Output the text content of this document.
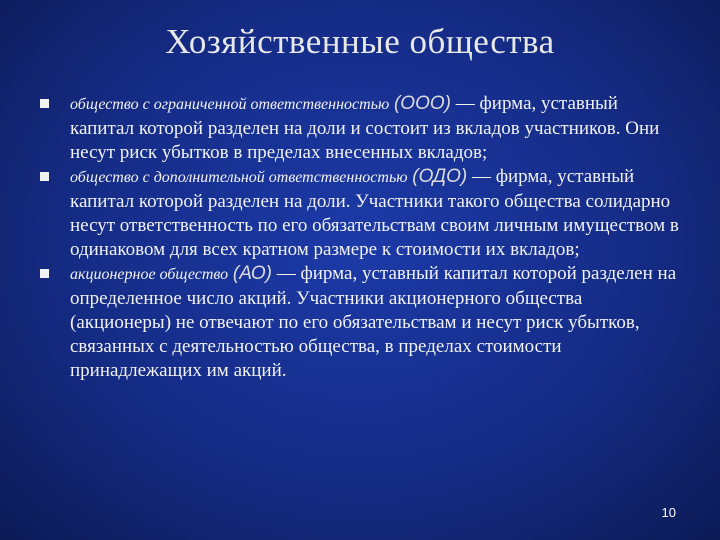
Хозяйственные общества
общество с ограниченной ответственностью (ООО) — фирма, уставный капитал которой разделен на доли и состоит из вкладов участников. Они несут риск убытков в пределах внесенных вкладов;
общество с дополнительной ответственностью (ОДО) — фирма, уставный капитал которой разделен на доли. Участники такого общества солидарно несут ответственность по его обязательствам своим личным имуществом в одинаковом для всех кратном размере к стоимости их вкладов;
акционерное общество (АО) — фирма, уставный капитал которой разделен на определенное число акций. Участники акционерного общества (акционеры) не отвечают по его обязательствам и несут риск убытков, связанных с деятельностью общества, в пределах стоимости принадлежащих им акций.
10
